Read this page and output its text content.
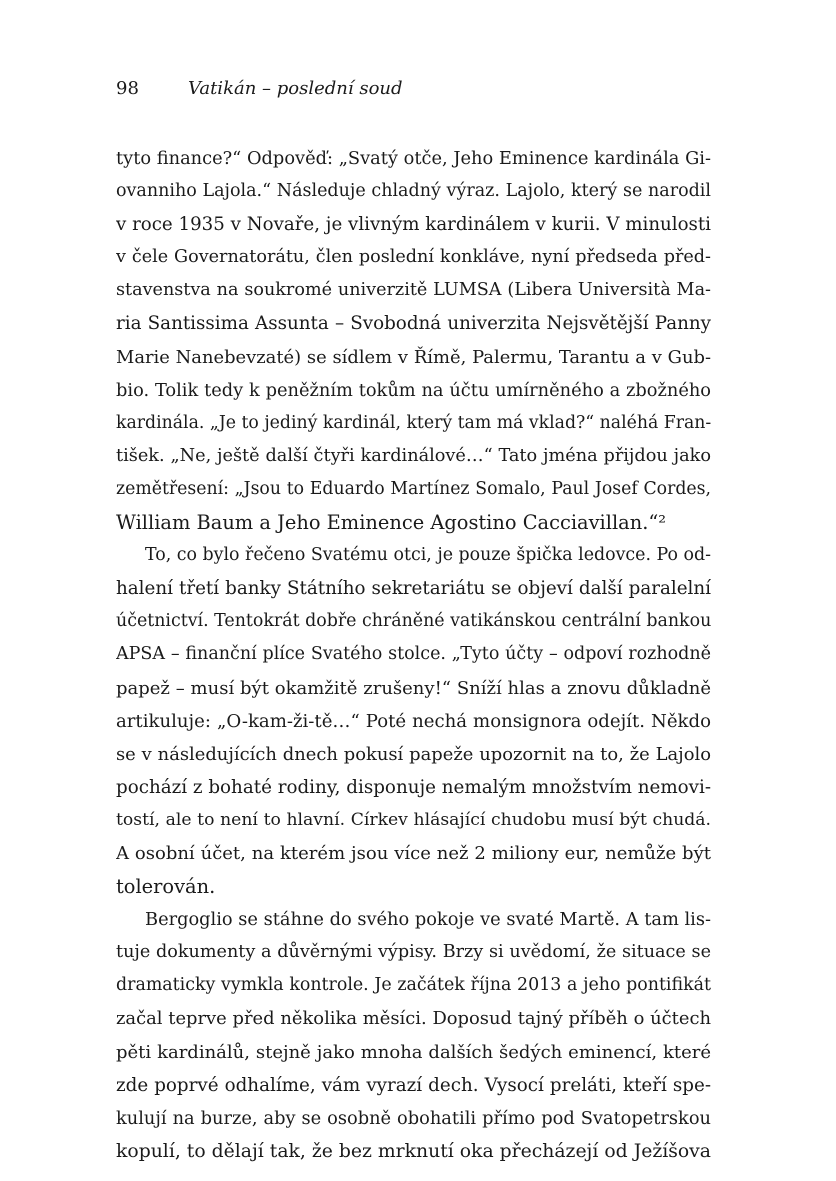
98	Vatikán – poslední soud
tyto finance?“ Odpověď: „Svatý otče, Jeho Eminence kardinála Gi-
ovanniho Lajola.“ Následuje chladný výraz. Lajolo, který se narodil
v roce 1935 v Novaře, je vlivným kardinálem v kurii. V minulosti
v čele Governatorátu, člen poslední konkláve, nyní předseda před-
stavenstva na soukromé univerzitě LUMSA (Libera Università Ma-
ria Santissima Assunta – Svobodná univerzita Nejsvětější Panny
Marie Nanebevzaté) se sídlem v Římě, Palermu, Tarantu a v Gub-
bio. Tolik tedy k peněžním tokům na účtu umírněného a zbožného
kardinála. „Je to jediný kardinál, který tam má vklad?“ naléhá Fran-
tišek. „Ne, ještě další čtyři kardinálové…“ Tato jména přijdou jako
zemětřesení: „Jsou to Eduardo Martínez Somalo, Paul Josef Cordes,
William Baum a Jeho Eminence Agostino Cacciavillan.“²
To, co bylo řečeno Svatému otci, je pouze špička ledovce. Po od-
halení třetí banky Státního sekretariátu se objeví další paralelní
účetnictví. Tentokrát dobře chráněné vatikánskou centrální bankou
APSA – finanční plíce Svatého stolce. „Tyto účty – odpoví rozhodně
papež – musí být okamžitě zrušeny!“ Sníží hlas a znovu důkladně
artikuluje: „O-kam-ži-tě…“ Poté nechá monsignora odejít. Někdo
se v následujících dnech pokusí papeže upozornit na to, že Lajolo
pochází z bohaté rodiny, disponuje nemalým množstvím nemovi-
tostí, ale to není to hlavní. Církev hlásající chudobu musí být chudá.
A osobní účet, na kterém jsou více než 2 miliony eur, nemůže být
tolerován.
Bergoglio se stáhne do svého pokoje ve svaté Martě. A tam lis-
tuje dokumenty a důvěrnými výpisy. Brzy si uvědomí, že situace se
dramaticky vymkla kontrole. Je začátek října 2013 a jeho pontifikát
začal teprve před několika měsíci. Doposud tajný příběh o účtech
pěti kardinálů, stejně jako mnoha dalších šedých eminencí, které
zde poprvé odhalíme, vám vyrazí dech. Vysocí preláti, kteří spe-
kulují na burze, aby se osobně obohatili přímo pod Svatopetrskou
kopulí, to dělají tak, že bez mrknutí oka přecházejí od Ježíšova
